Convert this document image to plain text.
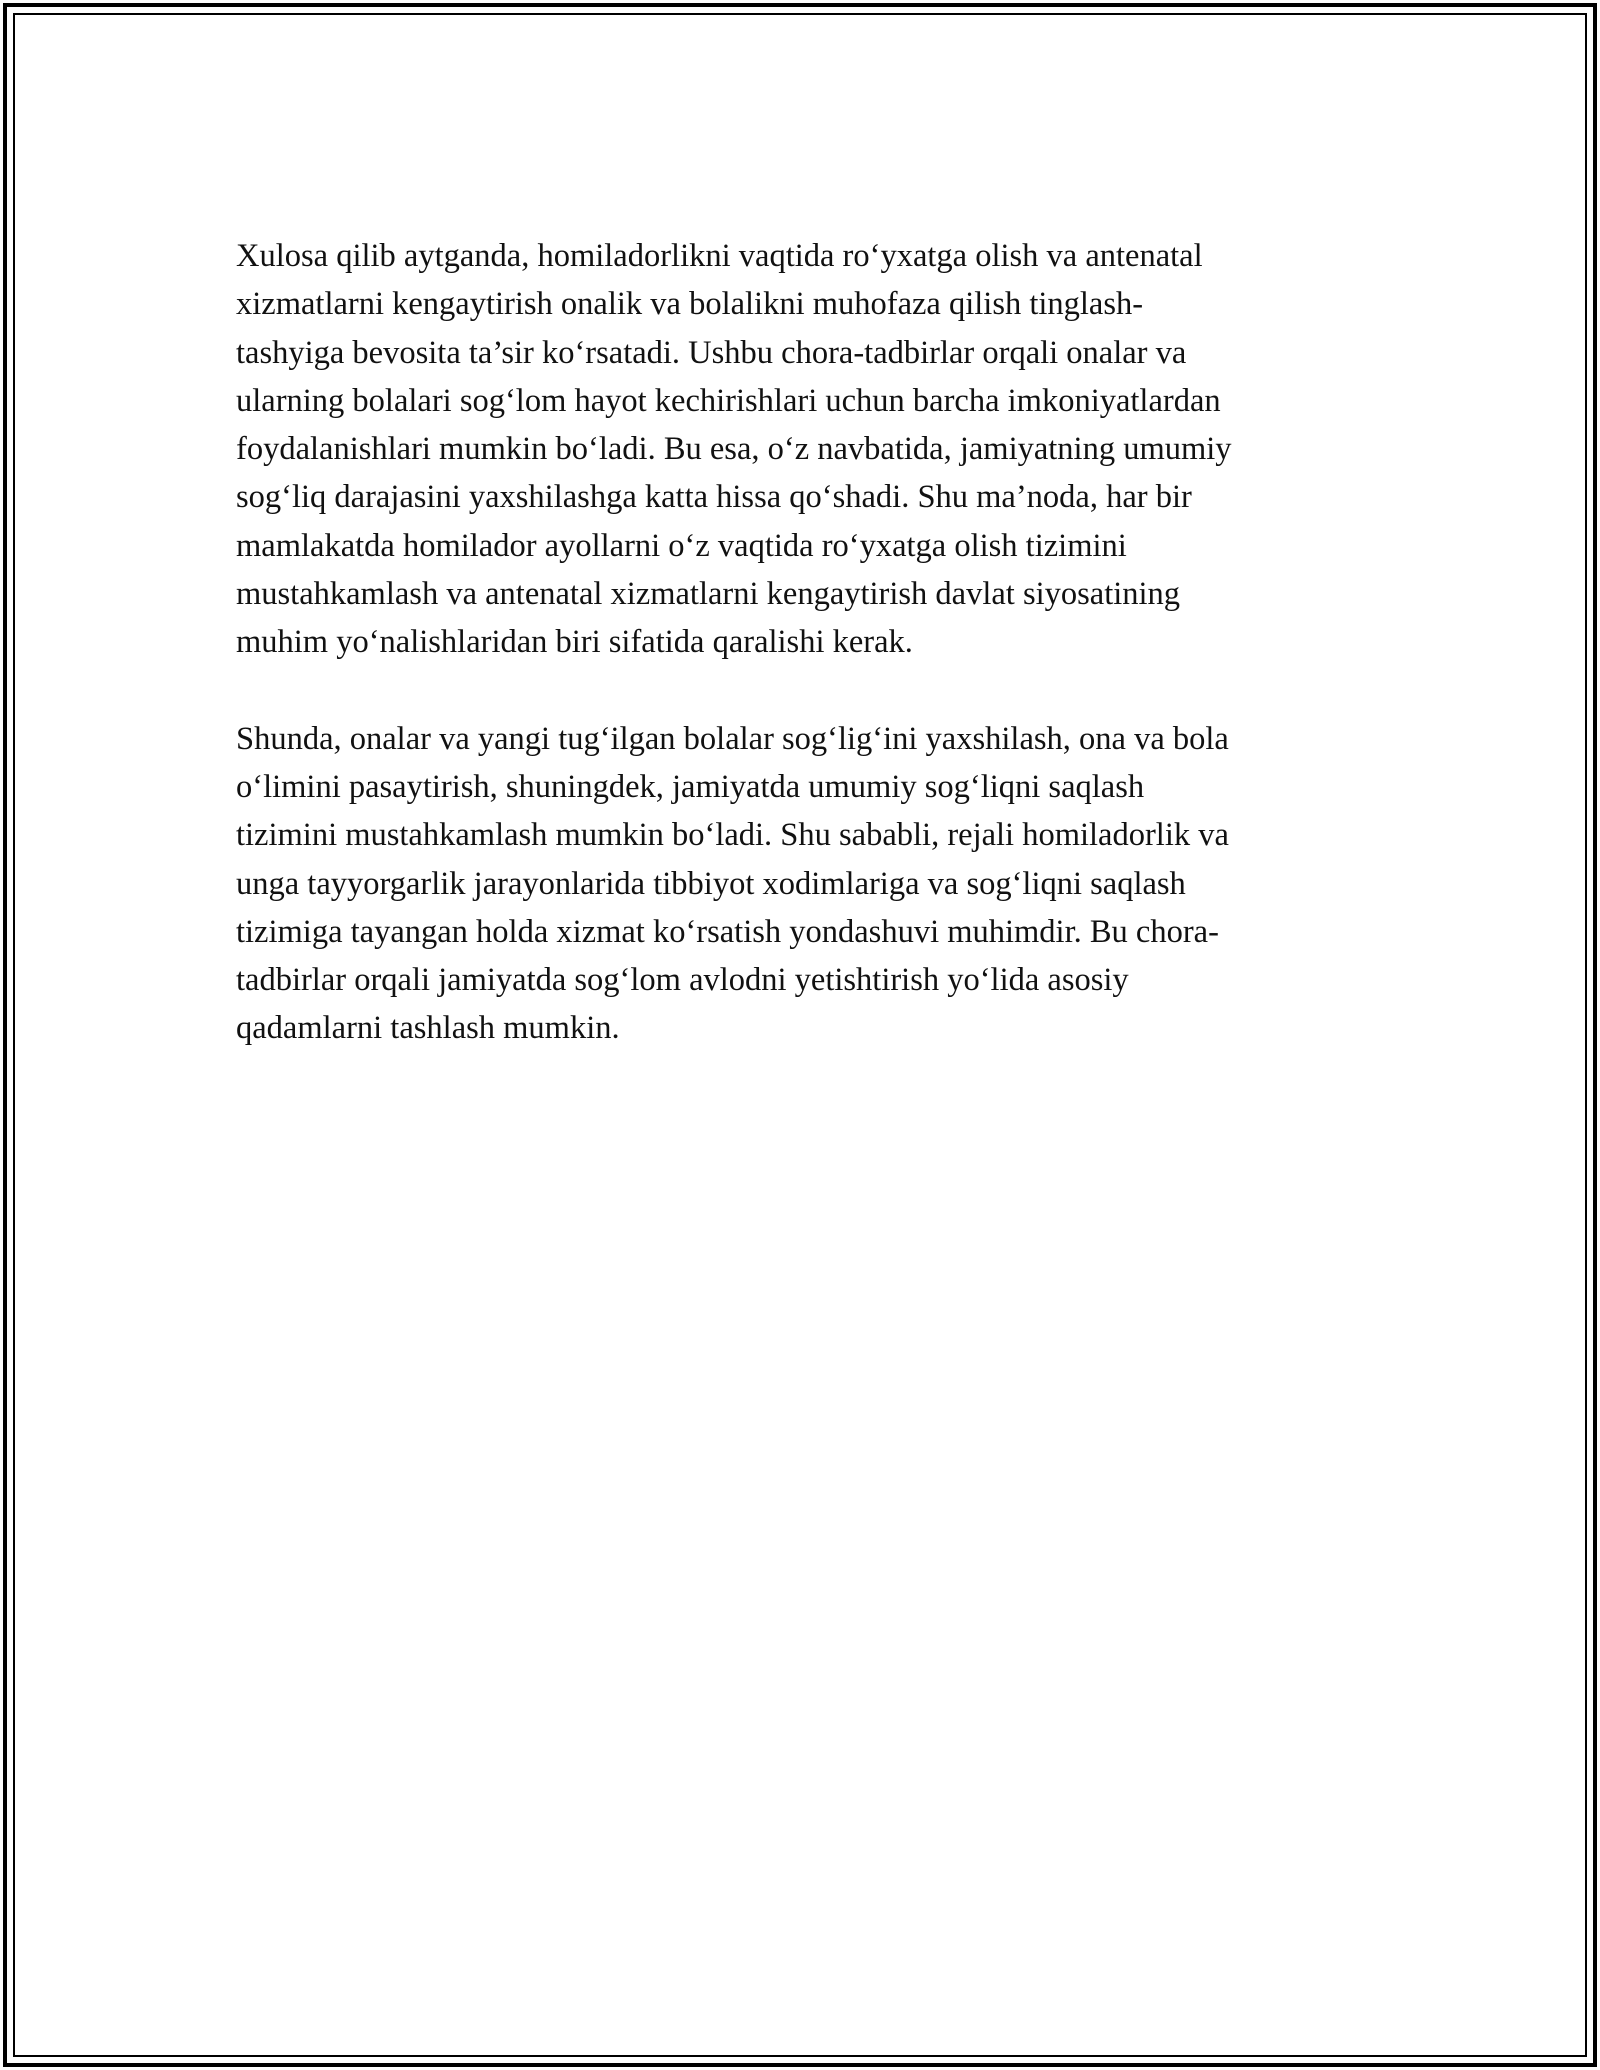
Xulosa qilib aytganda, homiladorlikni vaqtida ro‘yxatga olish va antenatal
xizmatlarni kengaytirish onalik va bolalikni muhofaza qilish tinglash-
tashyiga bevosita ta’sir ko‘rsatadi. Ushbu chora-tadbirlar orqali onalar va
ularning bolalari sog‘lom hayot kechirishlari uchun barcha imkoniyatlardan
foydalanishlari mumkin bo‘ladi. Bu esa, o‘z navbatida, jamiyatning umumiy
sog‘liq darajasini yaxshilashga katta hissa qo‘shadi. Shu ma’noda, har bir
mamlakatda homilador ayollarni o‘z vaqtida ro‘yxatga olish tizimini
mustahkamlash va antenatal xizmatlarni kengaytirish davlat siyosatining
muhim yo‘nalishlaridan biri sifatida qaralishi kerak.

Shunda, onalar va yangi tug‘ilgan bolalar sog‘lig‘ini yaxshilash, ona va bola
o‘limini pasaytirish, shuningdek, jamiyatda umumiy sog‘liqni saqlash
tizimini mustahkamlash mumkin bo‘ladi. Shu sababli, rejali homiladorlik va
unga tayyorgarlik jarayonlarida tibbiyot xodimlariga va sog‘liqni saqlash
tizimiga tayangan holda xizmat ko‘rsatish yondashuvi muhimdir. Bu chora-
tadbirlar orqali jamiyatda sog‘lom avlodni yetishtirish yo‘lida asosiy
qadamlarni tashlash mumkin.
